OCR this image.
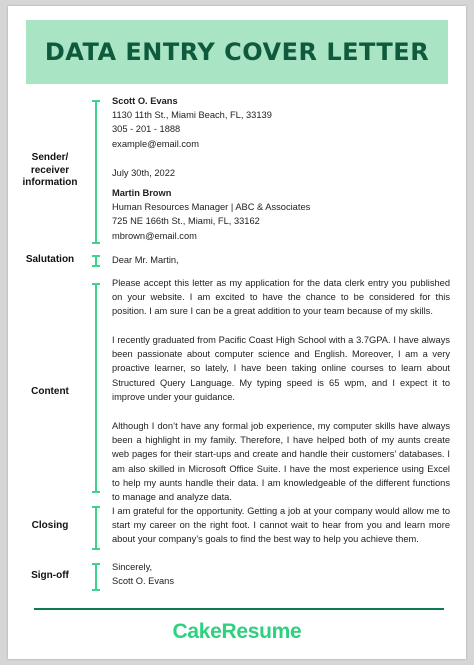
DATA ENTRY COVER LETTER
Sender/ receiver information

Scott O. Evans

1130 11th St., Miami Beach, FL, 33139

305 - 201 - 1888

example@email.com

July 30th, 2022

Martin Brown

Human Resources Manager | ABC & Associates

725 NE 166th St., Miami, FL, 33162

mbrown@email.com

Salutation	Dear Mr. Martin,

Content

Please accept this letter as my application for the data clerk entry you published on your website. I am excited to have the chance to be considered for this position. I am sure I can be a great addition to your team because of my skills.

I recently graduated from Pacific Coast High School with a 3.7GPA. I have always been passionate about computer science and English. Moreover, I am a very proactive learner, so lately, I have been taking online courses to learn about Structured Query Language. My typing speed is 65 wpm, and I expect it to improve under your guidance.

Although I don’t have any formal job experience, my computer skills have always been a highlight in my family. Therefore, I have helped both of my aunts create web pages for their start-ups and create and handle their customers’ databases. I am also skilled in Microsoft Office Suite. I have the most experience using Excel to help my aunts handle their data. I am knowledgeable of the different functions to manage and analyze data.

Closing

I am grateful for the opportunity. Getting a job at your company would allow me to start my career on the right foot. I cannot wait to hear from you and learn more about your company’s goals to find the best way to help you achieve them.

Sign-off

Sincerely,

Scott O. Evans

CakeResume
